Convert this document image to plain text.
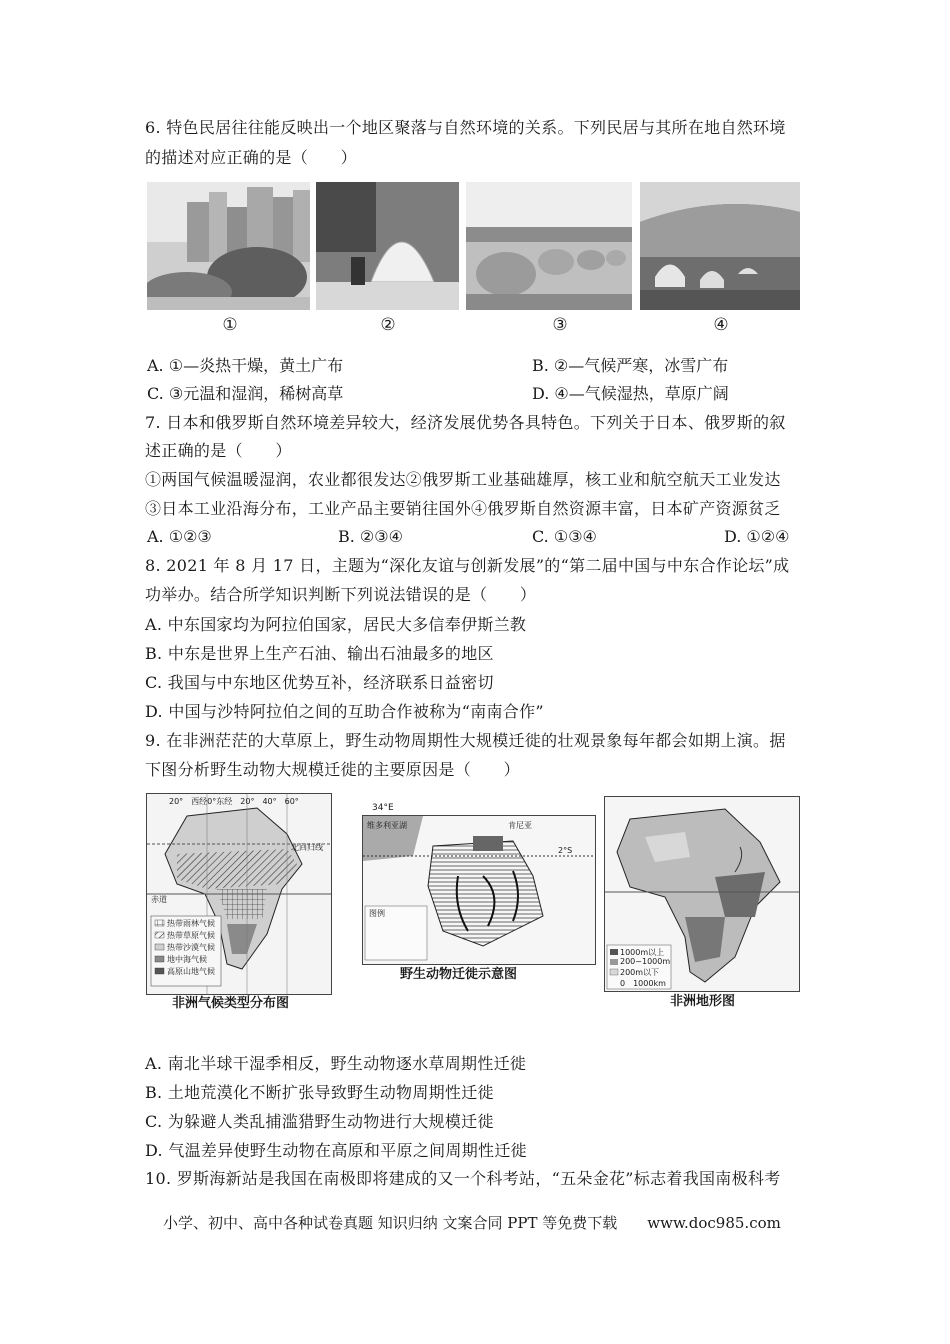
6. 特色民居往往能反映出一个地区聚落与自然环境的关系。下列民居与其所在地自然环境
的描述对应正确的是（　　）
①	②	③	④
A. ①—炎热干燥，黄土广布	B. ②—气候严寒，冰雪广布
C. ③元温和湿润，稀树高草	D. ④—气候湿热，草原广阔
7. 日本和俄罗斯自然环境差异较大，经济发展优势各具特色。下列关于日本、俄罗斯的叙
述正确的是（　　）
①两国气候温暖湿润，农业都很发达②俄罗斯工业基础雄厚，核工业和航空航天工业发达
③日本工业沿海分布，工业产品主要销往国外④俄罗斯自然资源丰富，日本矿产资源贫乏
A. ①②③	B. ②③④	C. ①③④	D. ①②④
8. 2021 年 8 月 17 日，主题为“深化友谊与创新发展”的“第二届中国与中东合作论坛”成
功举办。结合所学知识判断下列说法错误的是（　　）
A. 中东国家均为阿拉伯国家，居民大多信奉伊斯兰教
B. 中东是世界上生产石油、输出石油最多的地区
C. 我国与中东地区优势互补，经济联系日益密切
D. 中国与沙特阿拉伯之间的互助合作被称为“南南合作”
9. 在非洲茫茫的大草原上，野生动物周期性大规模迁徙的壮观景象每年都会如期上演。据
下图分析野生动物大规模迁徙的主要原因是（　　）
20°　西经0°东经　20°　40°　60°
北回归线
赤道
热带雨林气候
热带草原气候
热带沙漠气候
地中海气候
高原山地气候
非洲气候类型分布图
维多利亚湖	肯尼亚
2°S
图例
34°E
野生动物迁徙示意图
1000m以上
200~1000m
200m以下
0　1000km
非洲地形图
A. 南北半球干湿季相反，野生动物逐水草周期性迁徙
B. 土地荒漠化不断扩张导致野生动物周期性迁徙
C. 为躲避人类乱捕滥猎野生动物进行大规模迁徙
D. 气温差异使野生动物在高原和平原之间周期性迁徙
10. 罗斯海新站是我国在南极即将建成的又一个科考站，“五朵金花”标志着我国南极科考
小学、初中、高中各种试卷真题 知识归纳 文案合同 PPT 等免费下载　　www.doc985.com
